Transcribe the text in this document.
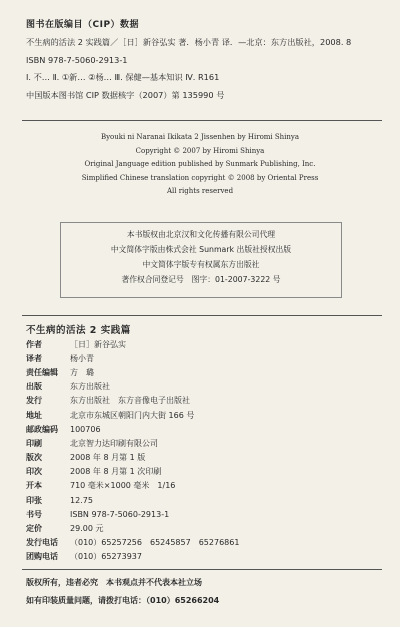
图书在版编目（CIP）数据
不生病的活法 2 实践篇／［日］新谷弘实 著．杨小青 译．—北京：东方出版社，2008. 8
ISBN 978-7-5060-2913-1
Ⅰ. 不… Ⅱ. ①新… ②杨… Ⅲ. 保健—基本知识 Ⅳ. R161
中国版本图书馆 CIP 数据核字（2007）第 135990 号
Byouki ni Naranai Ikikata 2 Jissenhen by Hiromi Shinya
Copyright © 2007 by Hiromi Shinya
Original Janguage edition published by Sunmark Publishing, Inc.
Simplified Chinese translation copyright © 2008 by Oriental Press
All rights reserved
本书版权由北京汉和文化传播有限公司代理
中文简体字版由株式会社 Sunmark 出版社授权出版
中文简体字版专有权属东方出版社
著作权合同登记号　图字：01-2007-3222 号
不生病的活法 2 实践篇
作者	［日］新谷弘实
译者	杨小青
责任编辑	方　璐
出版	东方出版社
发行	东方出版社　东方音像电子出版社
地址	北京市东城区朝阳门内大街 166 号
邮政编码	100706
印刷	北京智力达印刷有限公司
版次	2008 年 8 月第 1 版
印次	2008 年 8 月第 1 次印刷
开本	710 毫米×1000 毫米　1/16
印张	12.75
书号	ISBN 978-7-5060-2913-1
定价	29.00 元
发行电话	（010）65257256　65245857　65276861
团购电话	（010）65273937
版权所有，违者必究　本书观点并不代表本社立场
如有印装质量问题，请拨打电话：（010）65266204
